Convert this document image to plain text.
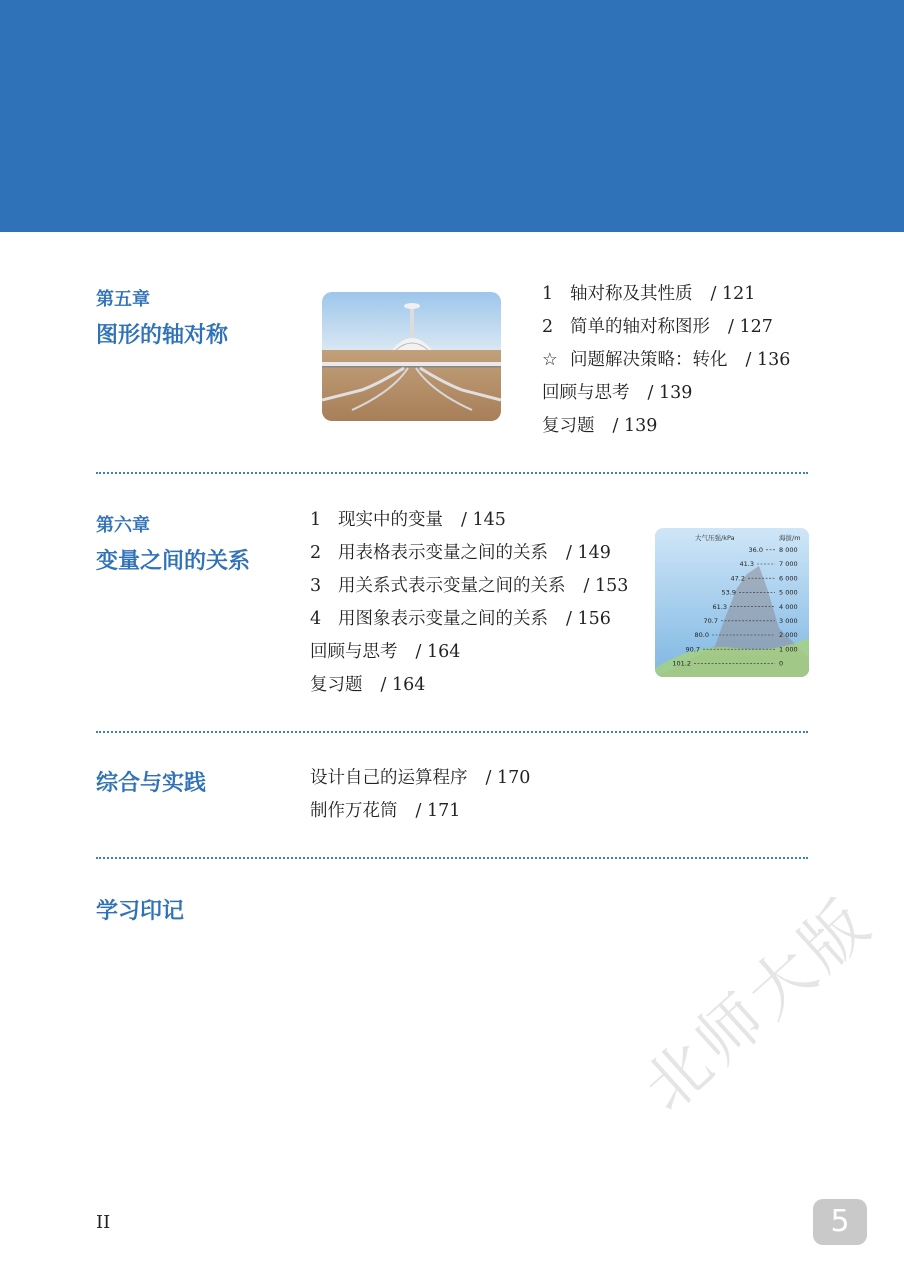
第五章
图形的轴对称
1 轴对称及其性质 / 121
2 简单的轴对称图形 / 127
☆ 问题解决策略：转化 / 136
回顾与思考 / 139
复习题 / 139
第六章
变量之间的关系
1 现实中的变量 / 145
2 用表格表示变量之间的关系 / 149
3 用关系式表示变量之间的关系 / 153
4 用图象表示变量之间的关系 / 156
回顾与思考 / 164
复习题 / 164
大气压强/kPa	海拔/m
36.0 8 000
41.3	7 000
47.2	6 000
53.9	5 000
61.3	4 000
70.7	3 000
80.0	2 000
90.7	1 000
101.2	0
综合与实践	设计自己的运算程序 / 170
制作万花筒 / 171
学习印记	北师大版
II	5
